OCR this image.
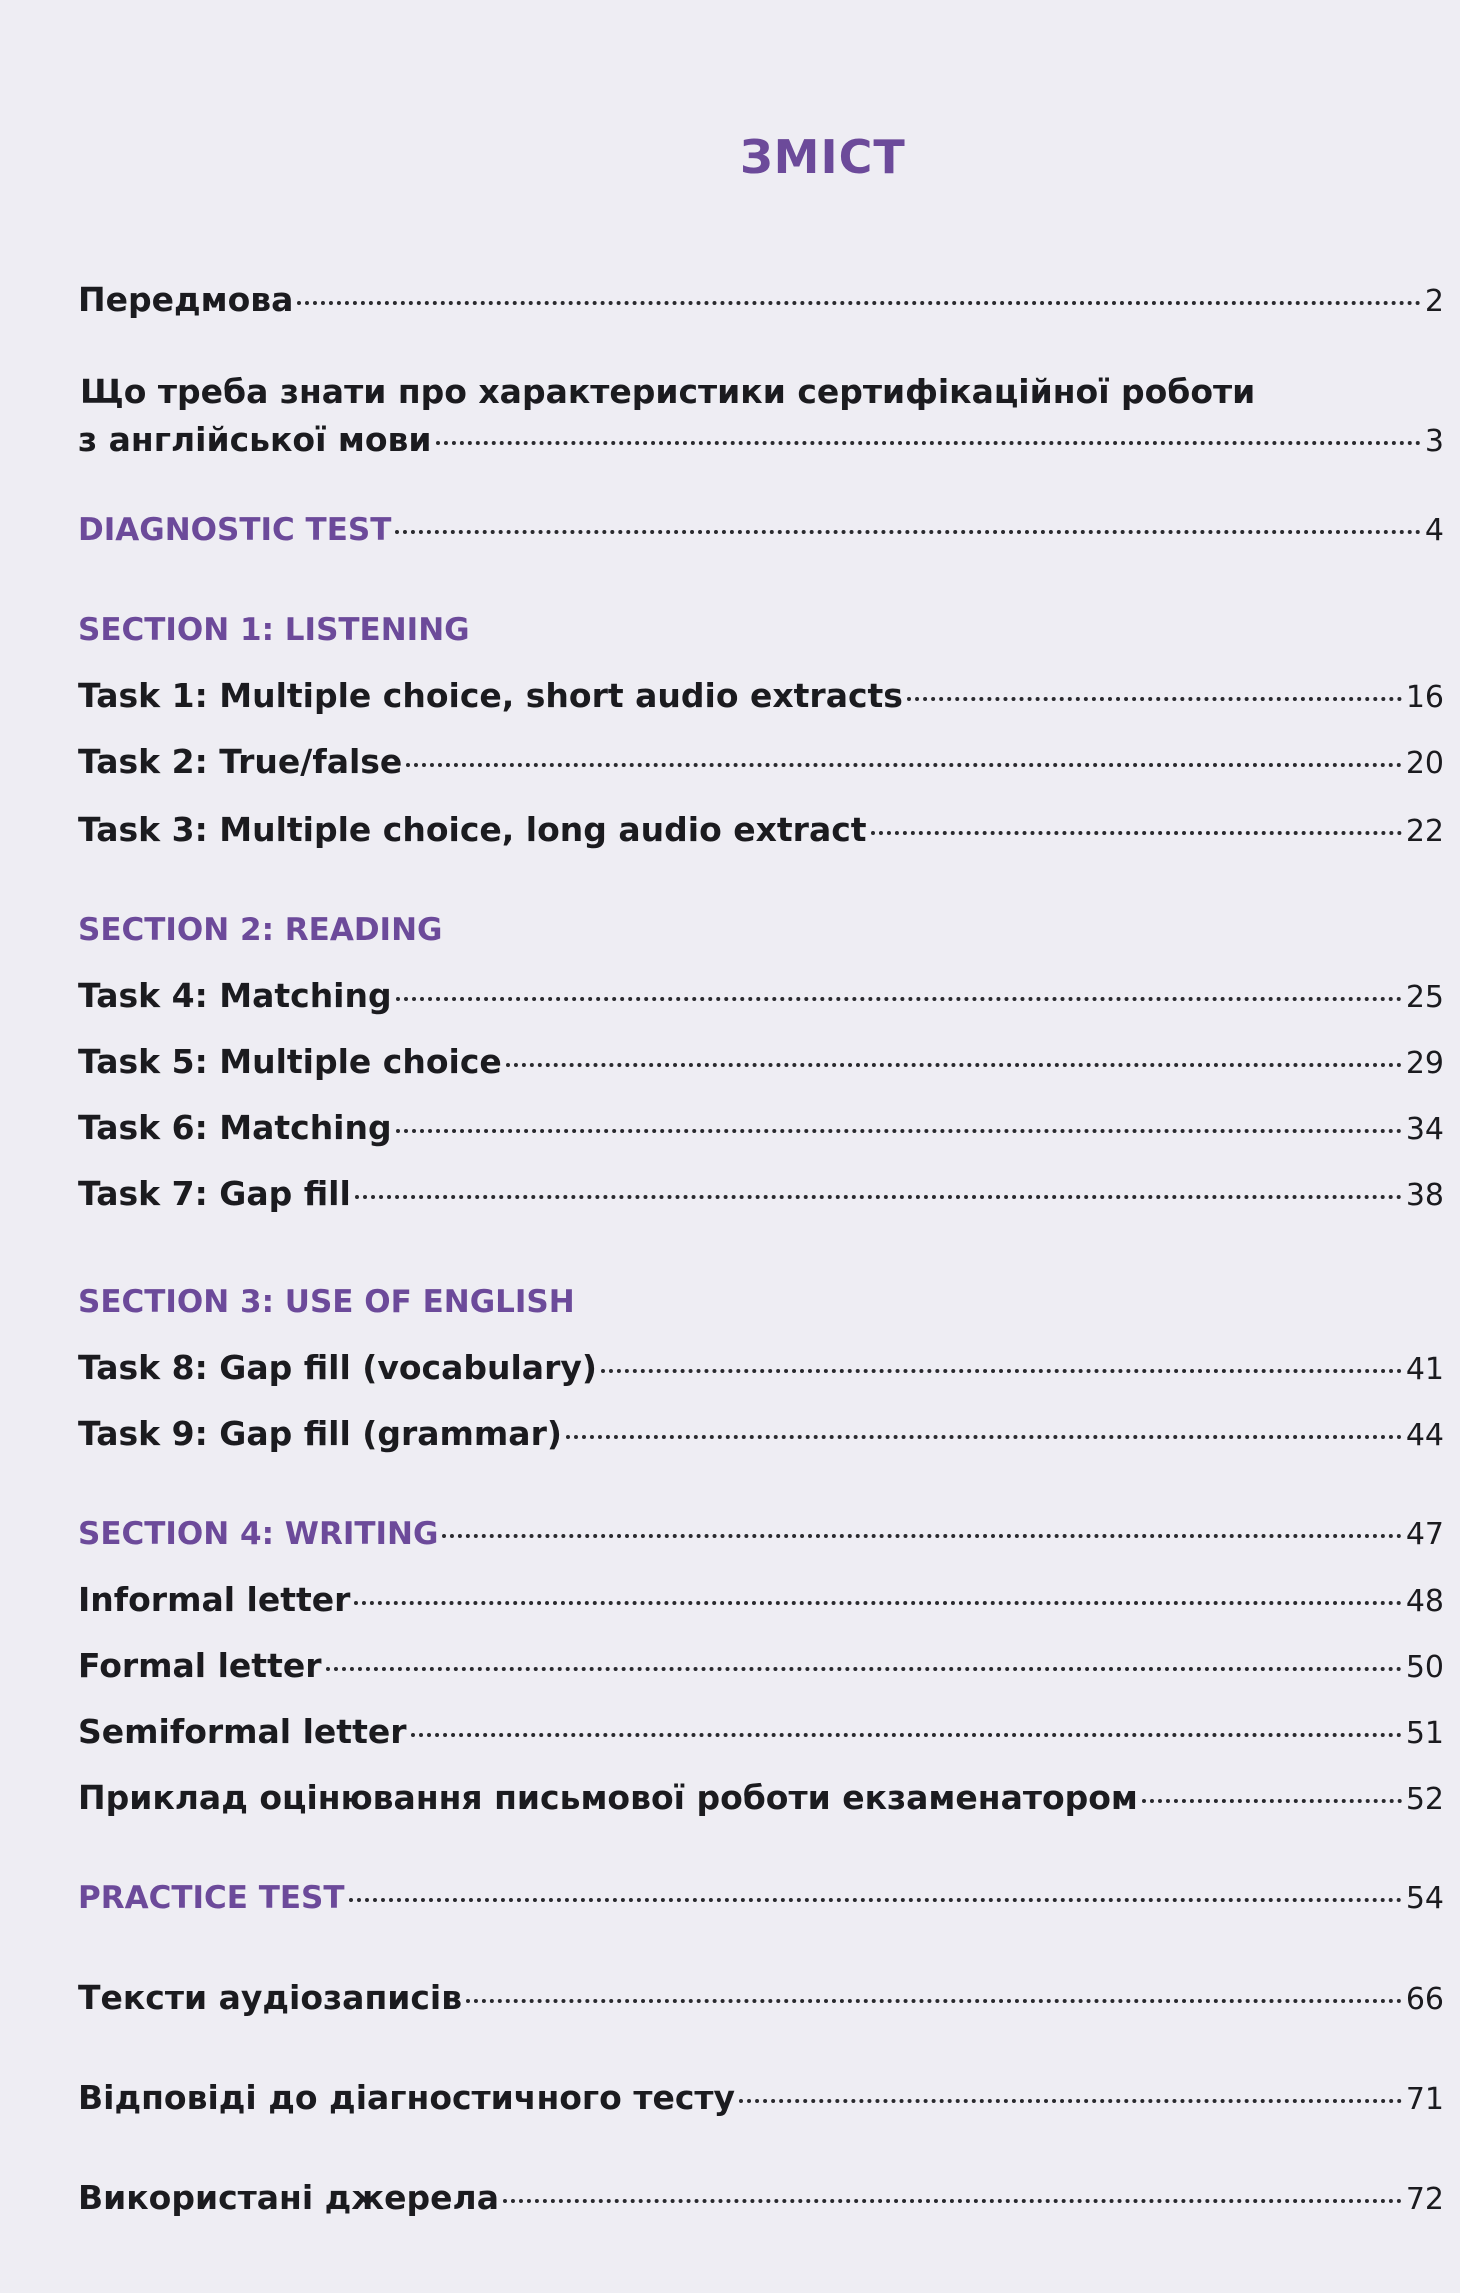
ЗМІСТ
Передмова	2
Що треба знати про характеристики сертифікаційної роботи
з англійської мови	3
DIAGNOSTIC TEST	4
SECTION 1: LISTENING
Task 1: Multiple choice, short audio extracts	16
Task 2: True/false	20
Task 3: Multiple choice, long audio extract	22
SECTION 2: READING
Task 4: Matching	25
Task 5: Multiple choice	29
Task 6: Matching	34
Task 7: Gap fill	38
SECTION 3: USE OF ENGLISH
Task 8: Gap fill (vocabulary)	41
Task 9: Gap fill (grammar)	44
SECTION 4: WRITING	47
Informal letter	48
Formal letter	50
Semiformal letter	51
Приклад оцінювання письмової роботи екзаменатором	52
PRACTICE TEST	54
Тексти аудіозаписів	66
Відповіді до діагностичного тесту	71
Використані джерела	72
